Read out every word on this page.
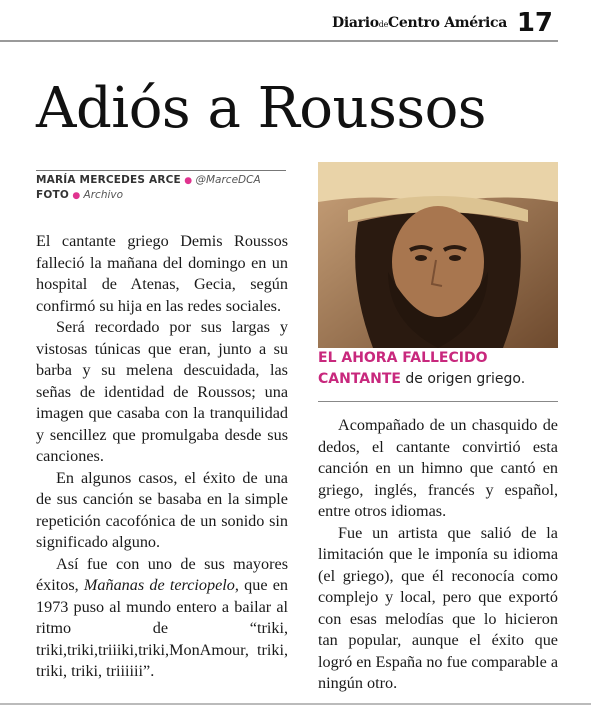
DiariodeCentro América 17
Adiós a Roussos
MARÍA MERCEDES ARCE ● @MarceDCA
FOTO ● Archivo

El cantante griego Demis Roussos falleció la mañana del domingo en un hospital de Atenas, Gecia, según confirmó su hija en las redes sociales.

Será recordado por sus largas y vistosas túnicas que eran, junto a su barba y su melena descuidada, las señas de identidad de Roussos; una imagen que casaba con la tranquilidad y sencillez que promulgaba desde sus canciones.

En algunos casos, el éxito de una de sus canción se basaba en la simple repetición cacofónica de un sonido sin significado alguno.

Así fue con uno de sus mayores éxitos, Mañanas de terciopelo, que en 1973 puso al mundo entero a bailar al ritmo de “triki, triki,triki,triiiki,triki,MonAmour, triki, triki, triki, triiiiii”.

EL AHORA FALLECIDO CANTANTE de origen griego.

Acompañado de un chasquido de dedos, el cantante convirtió esta canción en un himno que cantó en griego, inglés, francés y español, entre otros idiomas.

Fue un artista que salió de la limitación que le imponía su idioma (el griego), que él reconocía como complejo y local, pero que exportó con esas melodías que lo hicieron tan popular, aunque el éxito que logró en España no fue comparable a ningún otro.
